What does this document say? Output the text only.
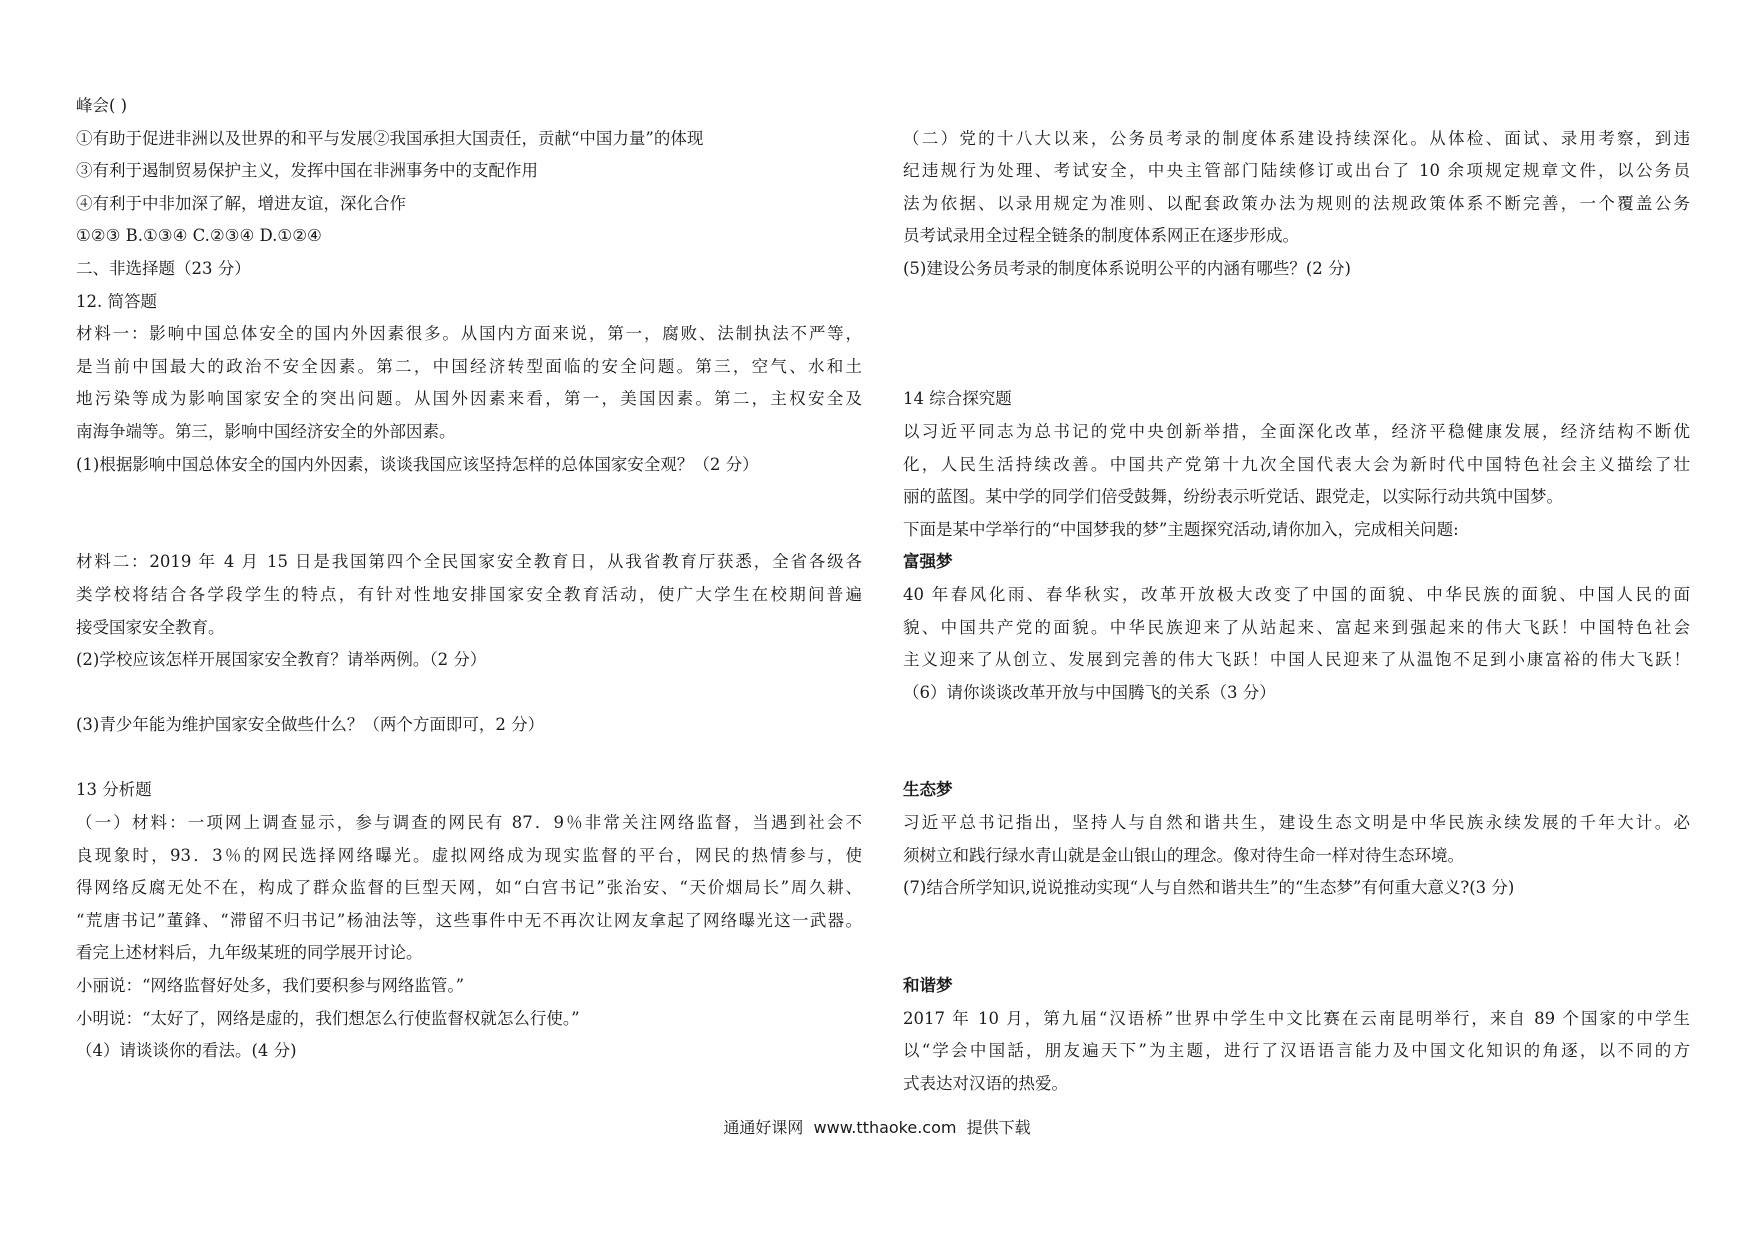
峰会( )

①有助于促进非洲以及世界的和平与发展②我国承担大国责任，贡献“中国力量”的体现

③有利于遏制贸易保护主义，发挥中国在非洲事务中的支配作用

④有利于中非加深了解，增进友谊，深化合作

①②③ B.①③④ C.②③④ D.①②④

二、非选择题（23 分）

12. 简答题

材料一：影响中国总体安全的国内外因素很多。从国内方面来说，第一，腐败、法制执法不严等，

是当前中国最大的政治不安全因素。第二，中国经济转型面临的安全问题。第三，空气、水和土

地污染等成为影响国家安全的突出问题。从国外因素来看，第一，美国因素。第二，主权安全及

南海争端等。第三，影响中国经济安全的外部因素。

(1)根据影响中国总体安全的国内外因素，谈谈我国应该坚持怎样的总体国家安全观？（2 分）

材料二：2019 年 4 月 15 日是我国第四个全民国家安全教育日，从我省教育厅获悉，全省各级各

类学校将结合各学段学生的特点，有针对性地安排国家安全教育活动，使广大学生在校期间普遍

接受国家安全教育。

(2)学校应该怎样开展国家安全教育？请举两例。（2 分）

(3)青少年能为维护国家安全做些什么？（两个方面即可，2 分）

13 分析题

（一）材料：一项网上调查显示，参与调查的网民有 87．9％非常关注网络监督，当遇到社会不

良现象时，93．3％的网民选择网络曝光。虚拟网络成为现实监督的平台，网民的热情参与，使

得网络反腐无处不在，构成了群众监督的巨型天网，如“白宫书记”张治安、“天价烟局长”周久耕、

“荒唐书记”董鋒、“滞留不归书记”杨油法等，这些事件中无不再次让网友拿起了网络曝光这一武器。

看完上述材料后，九年级某班的同学展开讨论。

小丽说：“网络监督好处多，我们要积参与网络监管。”

小明说：“太好了，网络是虚的，我们想怎么行使监督权就怎么行使。”

（4）请谈谈你的看法。(4 分)

（二）党的十八大以来，公务员考录的制度体系建设持续深化。从体检、面试、录用考察，到违

纪违规行为处理、考试安全，中央主管部门陆续修订或出台了 10 余项规定规章文件，以公务员

法为依据、以录用规定为准则、以配套政策办法为规则的法规政策体系不断完善，一个覆盖公务

员考试录用全过程全链条的制度体系网正在逐步形成。

(5)建设公务员考录的制度体系说明公平的内涵有哪些？(2 分)

14 综合探究题

以习近平同志为总书记的党中央创新举措，全面深化改革，经济平稳健康发展，经济结构不断优

化，人民生活持续改善。中国共产党第十九次全国代表大会为新时代中国特色社会主义描绘了壮

丽的蓝图。某中学的同学们倍受鼓舞，纷纷表示听党话、跟党走，以实际行动共筑中国梦。

下面是某中学举行的“中国梦我的梦”主题探究活动,请你加入，完成相关问题:

富强梦

40 年春风化雨、春华秋实，改革开放极大改变了中国的面貌、中华民族的面貌、中国人民的面

貌、中国共产党的面貌。中华民族迎来了从站起来、富起来到强起来的伟大飞跃！中国特色社会

主义迎来了从创立、发展到完善的伟大飞跃！中国人民迎来了从温饱不足到小康富裕的伟大飞跃！

（6）请你谈谈改革开放与中国腾飞的关系（3 分）

生态梦

习近平总书记指出，坚持人与自然和谐共生，建设生态文明是中华民族永续发展的千年大计。必

须树立和践行绿水青山就是金山银山的理念。像对待生命一样对待生态环境。

(7)结合所学知识,说说推动实现“人与自然和谐共生”的“生态梦”有何重大意义?(3 分)

和谐梦

2017 年 10 月，第九届“汉语桥”世界中学生中文比赛在云南昆明举行，来自 89 个国家的中学生

以“学会中国話，朋友遍天下”为主题，进行了汉语语言能力及中国文化知识的角逐，以不同的方

式表达对汉语的热爱。

通通好课网 www.tthaoke.com 提供下载
